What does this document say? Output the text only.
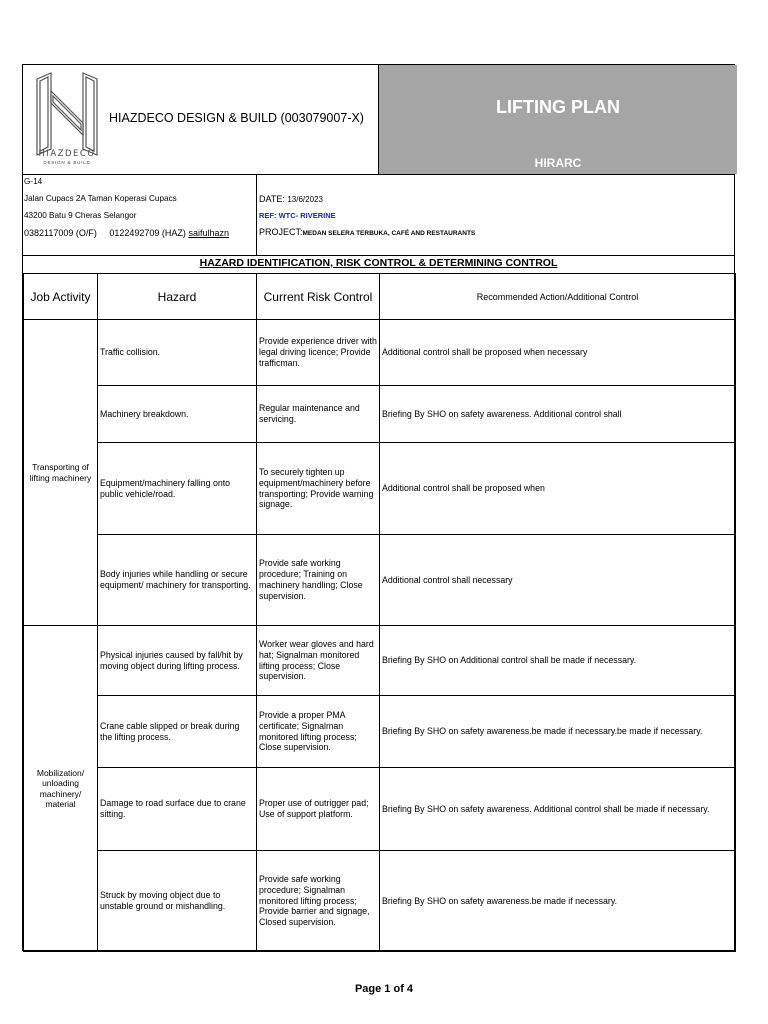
HIAZDECO
DESIGN & BUILD
HIAZDECO DESIGN & BUILD (003079007-X)
LIFTING PLAN
HIRARC
G-14
Jalan Cupacs 2A Taman Koperasi Cupacs
43200 Batu 9 Cheras Selangor
0382117009 (O/F)     0122492709 (HAZ) saifulhazn
DATE: 13/6/2023
REF: WTC- RIVERINE
PROJECT:MEDAN SELERA TERBUKA, CAFÉ AND RESTAURANTS
HAZARD IDENTIFICATION, RISK CONTROL & DETERMINING CONTROL
Job Activity	Hazard	Current Risk Control	Recommended Action/Additional Control
Transporting of lifting machinery	Traffic collision.	Provide experience driver with legal driving licence; Provide trafficman.	Additional control shall be proposed when necessary
	Machinery breakdown.	Regular maintenance and servicing.	Briefing By SHO on safety awareness. Additional control shall
	Equipment/machinery falling onto public vehicle/road.	To securely tighten up equipment/machinery before transporting; Provide warning signage.	Additional control shall be proposed when
	Body injuries while handling or secure equipment/ machinery for transporting.	Provide safe working procedure; Training on machinery handling; Close supervision.	Additional control shall necessary
Mobilization/ unloading machinery/ material	Physical injuries caused by fall/hit by moving object during lifting process.	Worker wear gloves and hard hat; Signalman monitored lifting process; Close supervision.	Briefing By SHO on Additional control shall be made if necessary.
	Crane cable slipped or break during the lifting process.	Provide a proper PMA certificate; Signalman monitored lifting process; Close supervision.	Briefing By SHO on safety awareness.be made if necessary.be made if necessary.
	Damage to road surface due to crane sitting.	Proper use of outrigger pad; Use of support platform.	Briefing By SHO on safety awareness. Additional control shall be made if necessary.
	Struck by moving object due to unstable ground or mishandling.	Provide safe working procedure; Signalman monitored lifting process; Provide barrier and signage, Closed supervision.	Briefing By SHO on safety awareness.be made if necessary.
Page 1 of 4
